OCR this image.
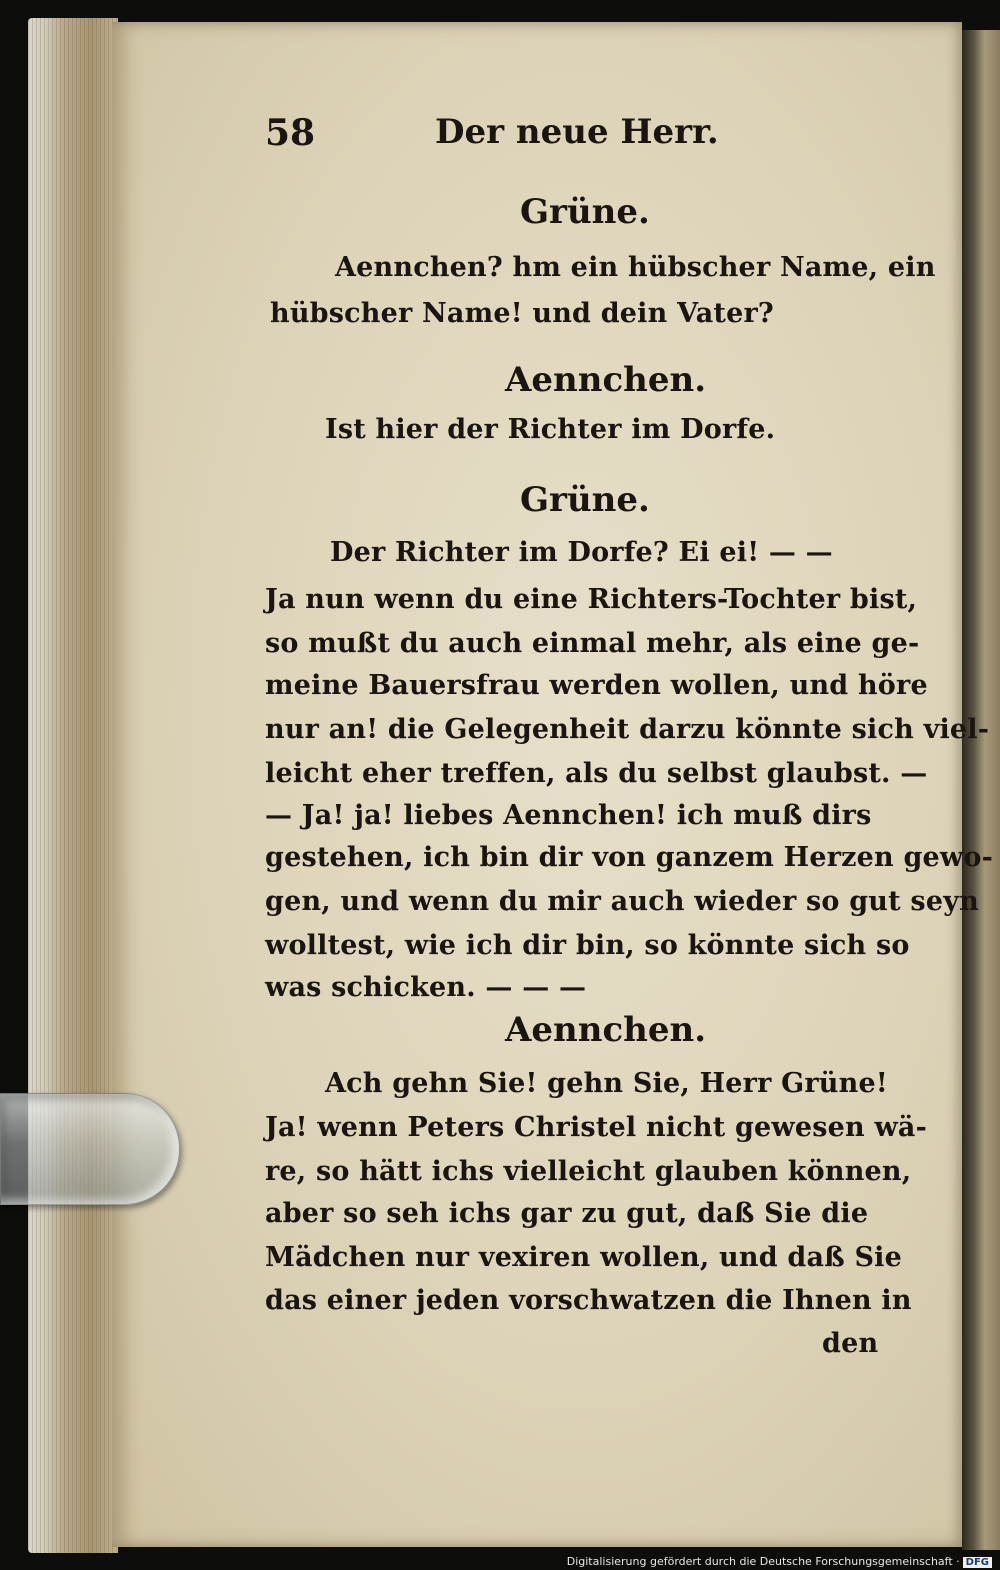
58	Der neue Herr.
Grüne.
Aennchen? hm ein hübscher Name, ein
hübscher Name! und dein Vater?
Aennchen.
Ist hier der Richter im Dorfe.
Grüne.
Der Richter im Dorfe? Ei ei! — —
Ja nun wenn du eine Richters-Tochter bist,
so mußt du auch einmal mehr, als eine ge-
meine Bauersfrau werden wollen, und höre
nur an! die Gelegenheit darzu könnte sich viel-
leicht eher treffen, als du selbst glaubst. —
— Ja! ja! liebes Aennchen! ich muß dirs
gestehen, ich bin dir von ganzem Herzen gewo-
gen, und wenn du mir auch wieder so gut seyn
wolltest, wie ich dir bin, so könnte sich so
was schicken. — — —
Aennchen.
Ach gehn Sie! gehn Sie, Herr Grüne!
Ja! wenn Peters Christel nicht gewesen wä-
re, so hätt ichs vielleicht glauben können,
aber so seh ichs gar zu gut, daß Sie die
Mädchen nur vexiren wollen, und daß Sie
das einer jeden vorschwatzen die Ihnen in
den
Digitalisierung gefördert durch die Deutsche Forschungsgemeinschaft · DFG
